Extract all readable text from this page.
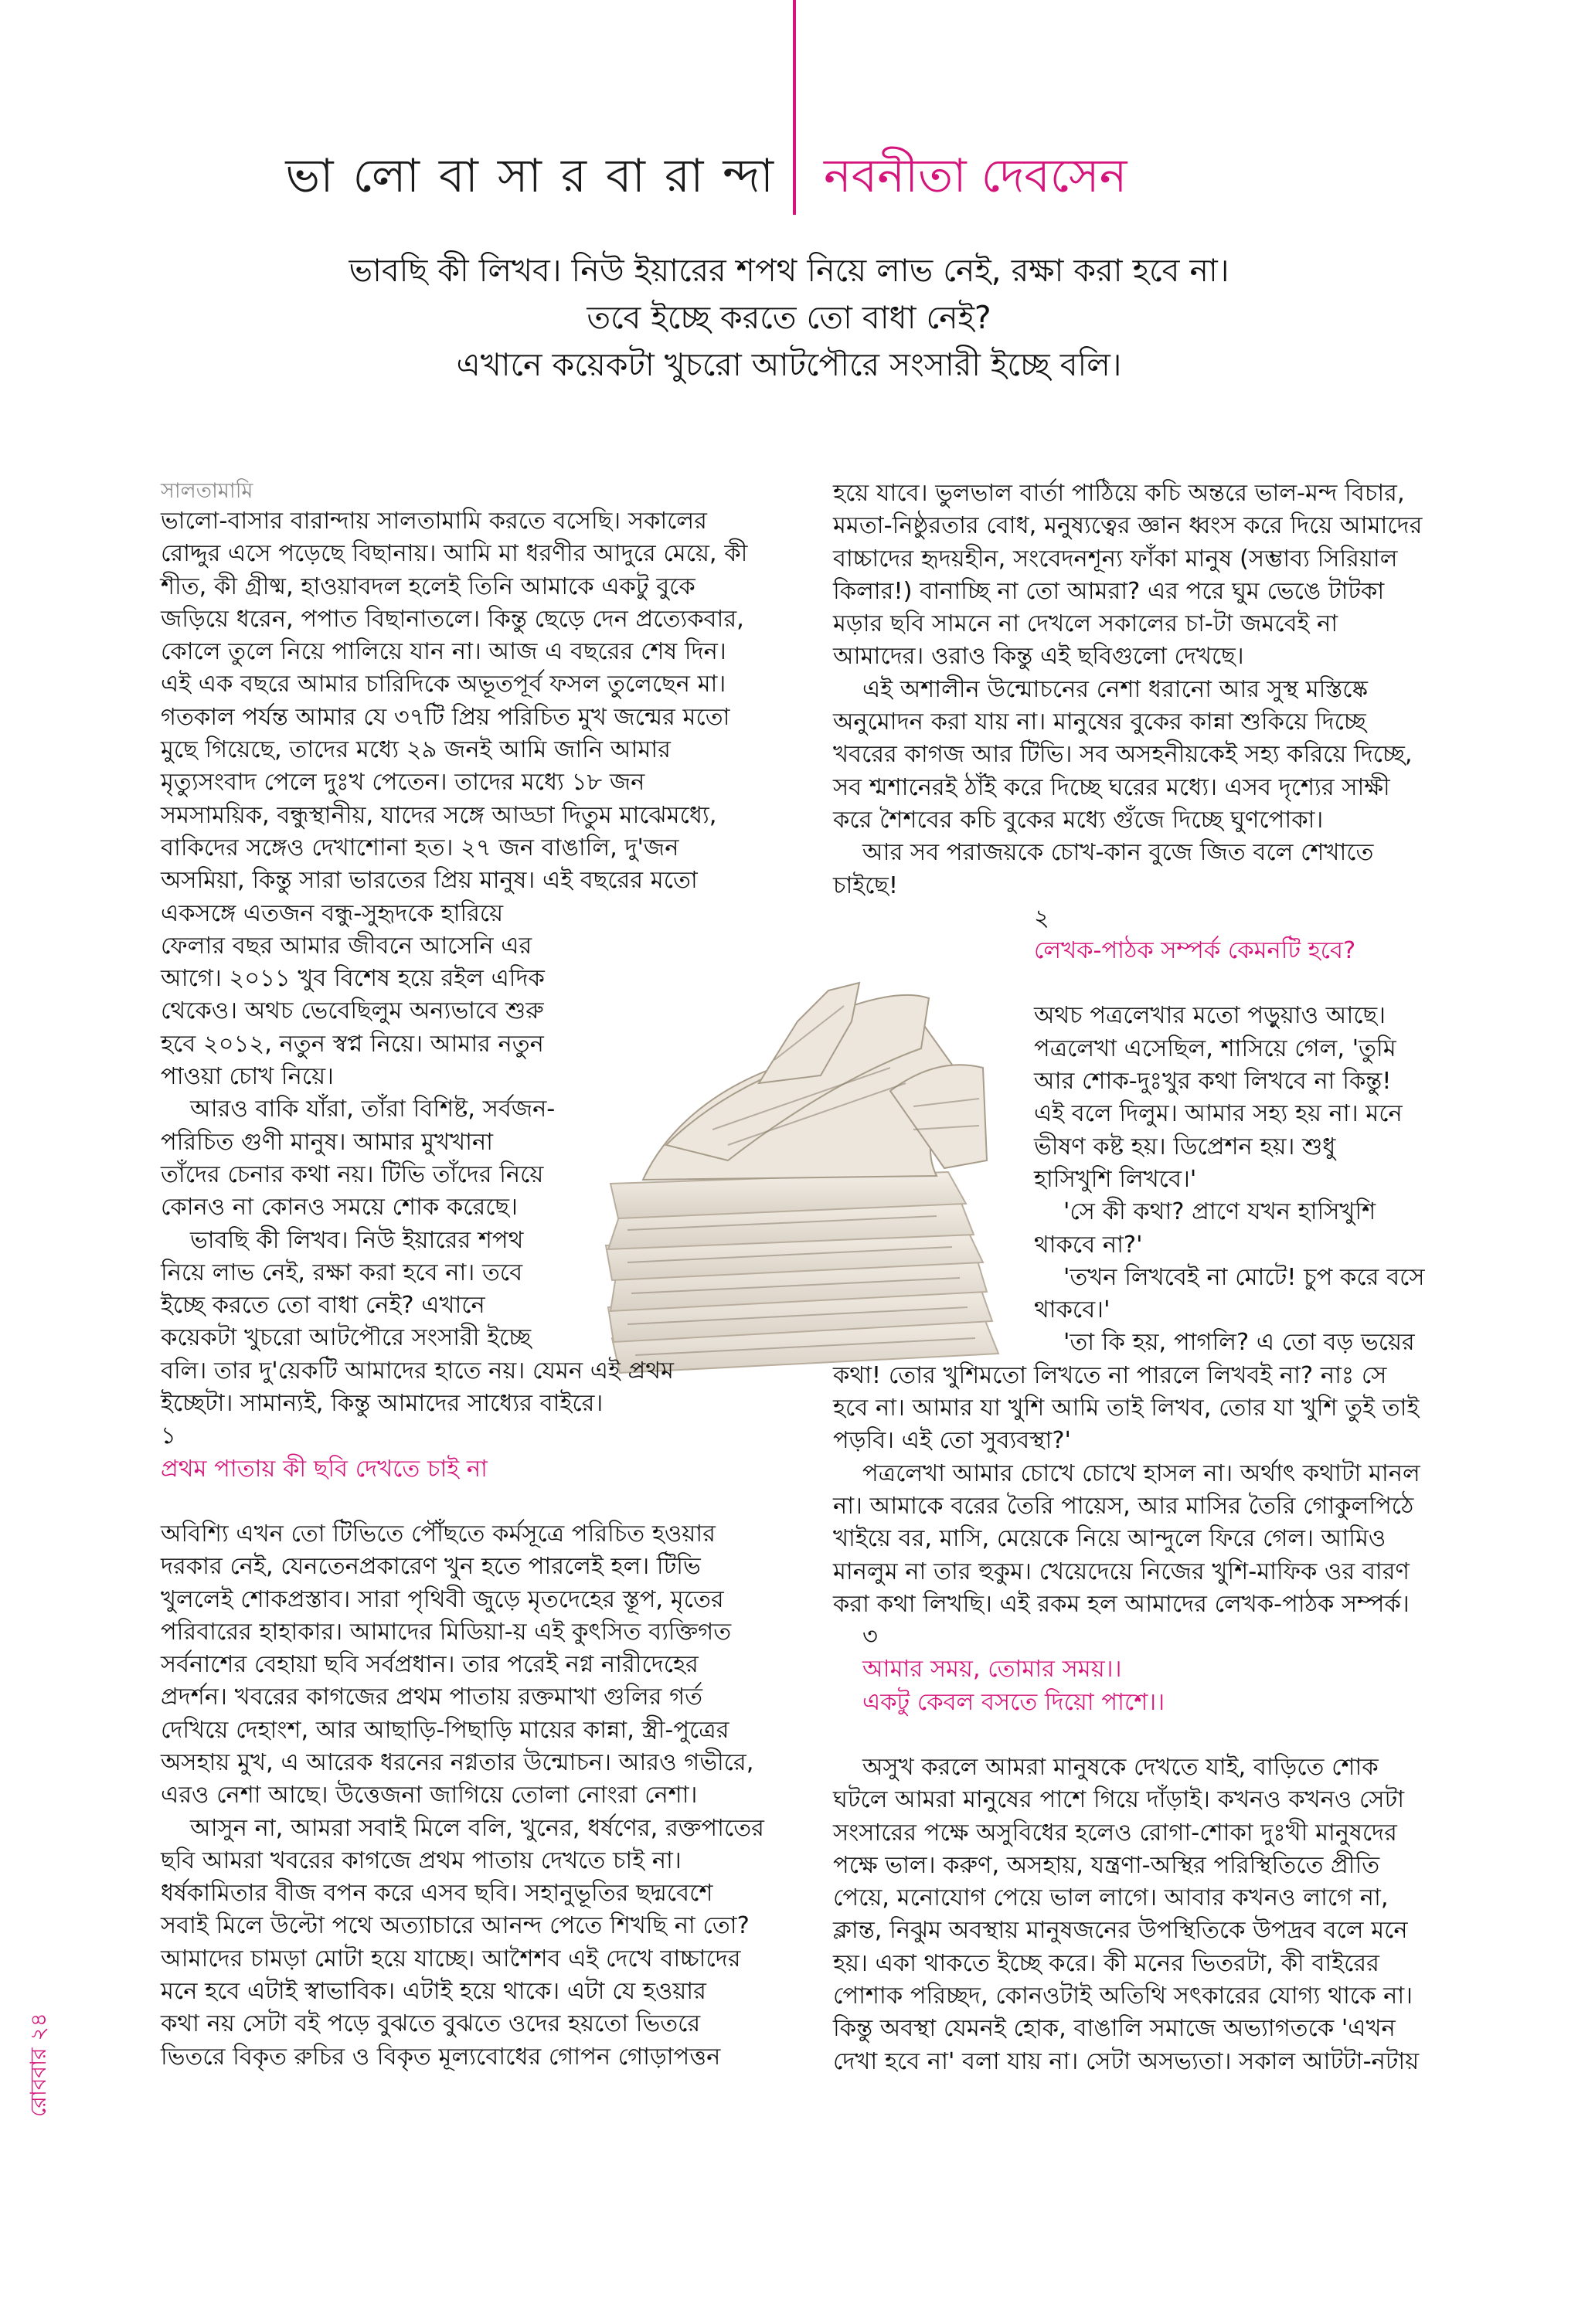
ভা লো বা সা র বা রা ন্দা নবনীতা দেবসেন
ভাবছি কী লিখব। নিউ ইয়ারের শপথ নিয়ে লাভ নেই, রক্ষা করা হবে না।
তবে ইচ্ছে করতে তো বাধা নেই?
এখানে কয়েকটা খুচরো আটপৌরে সংসারী ইচ্ছে বলি।
সালতামামি
ভালো-বাসার বারান্দায় সালতামামি করতে বসেছি। সকালের
রোদ্দুর এসে পড়েছে বিছানায়। আমি মা ধরণীর আদুরে মেয়ে, কী
শীত, কী গ্রীষ্ম, হাওয়াবদল হলেই তিনি আমাকে একটু বুকে
জড়িয়ে ধরেন, পপাত বিছানাতলে। কিন্তু ছেড়ে দেন প্রত্যেকবার,
কোলে তুলে নিয়ে পালিয়ে যান না। আজ এ বছরের শেষ দিন।
এই এক বছরে আমার চারিদিকে অভূতপূর্ব ফসল তুলেছেন মা।
গতকাল পর্যন্ত আমার যে ৩৭টি প্রিয় পরিচিত মুখ জন্মের মতো
মুছে গিয়েছে, তাদের মধ্যে ২৯ জনই আমি জানি আমার
মৃত্যুসংবাদ পেলে দুঃখ পেতেন। তাদের মধ্যে ১৮ জন
সমসাময়িক, বন্ধুস্থানীয়, যাদের সঙ্গে আড্ডা দিতুম মাঝেমধ্যে,
বাকিদের সঙ্গেও দেখাশোনা হত। ২৭ জন বাঙালি, দু'জন
অসমিয়া, কিন্তু সারা ভারতের প্রিয় মানুষ। এই বছরের মতো
একসঙ্গে এতজন বন্ধু-সুহৃদকে হারিয়ে
ফেলার বছর আমার জীবনে আসেনি এর
আগে। ২০১১ খুব বিশেষ হয়ে রইল এদিক
থেকেও। অথচ ভেবেছিলুম অন্যভাবে শুরু
হবে ২০১২, নতুন স্বপ্ন নিয়ে। আমার নতুন
পাওয়া চোখ নিয়ে।
আরও বাকি যাঁরা, তাঁরা বিশিষ্ট, সর্বজন-
পরিচিত গুণী মানুষ। আমার মুখখানা
তাঁদের চেনার কথা নয়। টিভি তাঁদের নিয়ে
কোনও না কোনও সময়ে শোক করেছে।
ভাবছি কী লিখব। নিউ ইয়ারের শপথ
নিয়ে লাভ নেই, রক্ষা করা হবে না। তবে
ইচ্ছে করতে তো বাধা নেই? এখানে
কয়েকটা খুচরো আটপৌরে সংসারী ইচ্ছে
বলি। তার দু'য়েকটি আমাদের হাতে নয়। যেমন এই প্রথম
ইচ্ছেটা। সামান্যই, কিন্তু আমাদের সাধ্যের বাইরে।
১
প্রথম পাতায় কী ছবি দেখতে চাই না
অবিশ্যি এখন তো টিভিতে পৌঁছতে কর্মসূত্রে পরিচিত হওয়ার
দরকার নেই, যেনতেনপ্রকারেণ খুন হতে পারলেই হল। টিভি
খুললেই শোকপ্রস্তাব। সারা পৃথিবী জুড়ে মৃতদেহের স্তূপ, মৃতের
পরিবারের হাহাকার। আমাদের মিডিয়া-য় এই কুৎসিত ব্যক্তিগত
সর্বনাশের বেহায়া ছবি সর্বপ্রধান। তার পরেই নগ্ন নারীদেহের
প্রদর্শন। খবরের কাগজের প্রথম পাতায় রক্তমাখা গুলির গর্ত
দেখিয়ে দেহাংশ, আর আছাড়ি-পিছাড়ি মায়ের কান্না, স্ত্রী-পুত্রের
অসহায় মুখ, এ আরেক ধরনের নগ্নতার উন্মোচন। আরও গভীরে,
এরও নেশা আছে। উত্তেজনা জাগিয়ে তোলা নোংরা নেশা।
আসুন না, আমরা সবাই মিলে বলি, খুনের, ধর্ষণের, রক্তপাতের
ছবি আমরা খবরের কাগজে প্রথম পাতায় দেখতে চাই না।
ধর্ষকামিতার বীজ বপন করে এসব ছবি। সহানুভূতির ছদ্মবেশে
সবাই মিলে উল্টো পথে অত্যাচারে আনন্দ পেতে শিখছি না তো?
আমাদের চামড়া মোটা হয়ে যাচ্ছে। আশৈশব এই দেখে বাচ্চাদের
মনে হবে এটাই স্বাভাবিক। এটাই হয়ে থাকে। এটা যে হওয়ার
কথা নয় সেটা বই পড়ে বুঝতে বুঝতে ওদের হয়তো ভিতরে
ভিতরে বিকৃত রুচির ও বিকৃত মূল্যবোধের গোপন গোড়াপত্তন
হয়ে যাবে। ভুলভাল বার্তা পাঠিয়ে কচি অন্তরে ভাল-মন্দ বিচার,
মমতা-নিষ্ঠুরতার বোধ, মনুষ্যত্বের জ্ঞান ধ্বংস করে দিয়ে আমাদের
বাচ্চাদের হৃদয়হীন, সংবেদনশূন্য ফাঁকা মানুষ (সম্ভাব্য সিরিয়াল
কিলার!) বানাচ্ছি না তো আমরা? এর পরে ঘুম ভেঙে টাটকা
মড়ার ছবি সামনে না দেখলে সকালের চা-টা জমবেই না
আমাদের। ওরাও কিন্তু এই ছবিগুলো দেখছে।
এই অশালীন উন্মোচনের নেশা ধরানো আর সুস্থ মস্তিষ্কে
অনুমোদন করা যায় না। মানুষের বুকের কান্না শুকিয়ে দিচ্ছে
খবরের কাগজ আর টিভি। সব অসহনীয়কেই সহ্য করিয়ে দিচ্ছে,
সব শ্মশানেরই ঠাঁই করে দিচ্ছে ঘরের মধ্যে। এসব দৃশ্যের সাক্ষী
করে শৈশবের কচি বুকের মধ্যে গুঁজে দিচ্ছে ঘুণপোকা।
আর সব পরাজয়কে চোখ-কান বুজে জিত বলে শেখাতে
চাইছে!
২
লেখক-পাঠক সম্পর্ক কেমনটি হবে?
অথচ পত্রলেখার মতো পড়ুয়াও আছে।
পত্রলেখা এসেছিল, শাসিয়ে গেল, 'তুমি
আর শোক-দুঃখুর কথা লিখবে না কিন্তু!
এই বলে দিলুম। আমার সহ্য হয় না। মনে
ভীষণ কষ্ট হয়। ডিপ্রেশন হয়। শুধু
হাসিখুশি লিখবে।'
'সে কী কথা? প্রাণে যখন হাসিখুশি
থাকবে না?'
'তখন লিখবেই না মোটে! চুপ করে বসে
থাকবে।'
'তা কি হয়, পাগলি? এ তো বড় ভয়ের
কথা! তোর খুশিমতো লিখতে না পারলে লিখবই না? নাঃ সে
হবে না। আমার যা খুশি আমি তাই লিখব, তোর যা খুশি তুই তাই
পড়বি। এই তো সুব্যবস্থা?'
পত্রলেখা আমার চোখে চোখে হাসল না। অর্থাৎ কথাটা মানল
না। আমাকে বরের তৈরি পায়েস, আর মাসির তৈরি গোকুলপিঠে
খাইয়ে বর, মাসি, মেয়েকে নিয়ে আন্দুলে ফিরে গেল। আমিও
মানলুম না তার হুকুম। খেয়েদেয়ে নিজের খুশি-মাফিক ওর বারণ
করা কথা লিখছি। এই রকম হল আমাদের লেখক-পাঠক সম্পর্ক।
৩
আমার সময়, তোমার সময়।।
একটু কেবল বসতে দিয়ো পাশে।।
অসুখ করলে আমরা মানুষকে দেখতে যাই, বাড়িতে শোক
ঘটলে আমরা মানুষের পাশে গিয়ে দাঁড়াই। কখনও কখনও সেটা
সংসারের পক্ষে অসুবিধের হলেও রোগা-শোকা দুঃখী মানুষদের
পক্ষে ভাল। করুণ, অসহায়, যন্ত্রণা-অস্থির পরিস্থিতিতে প্রীতি
পেয়ে, মনোযোগ পেয়ে ভাল লাগে। আবার কখনও লাগে না,
ক্লান্ত, নিঝুম অবস্থায় মানুষজনের উপস্থিতিকে উপদ্রব বলে মনে
হয়। একা থাকতে ইচ্ছে করে। কী মনের ভিতরটা, কী বাইরের
পোশাক পরিচ্ছদ, কোনওটাই অতিথি সৎকারের যোগ্য থাকে না।
কিন্তু অবস্থা যেমনই হোক, বাঙালি সমাজে অভ্যাগতকে 'এখন
দেখা হবে না' বলা যায় না। সেটা অসভ্যতা। সকাল আটটা-নটায়
রোববার ২৪
